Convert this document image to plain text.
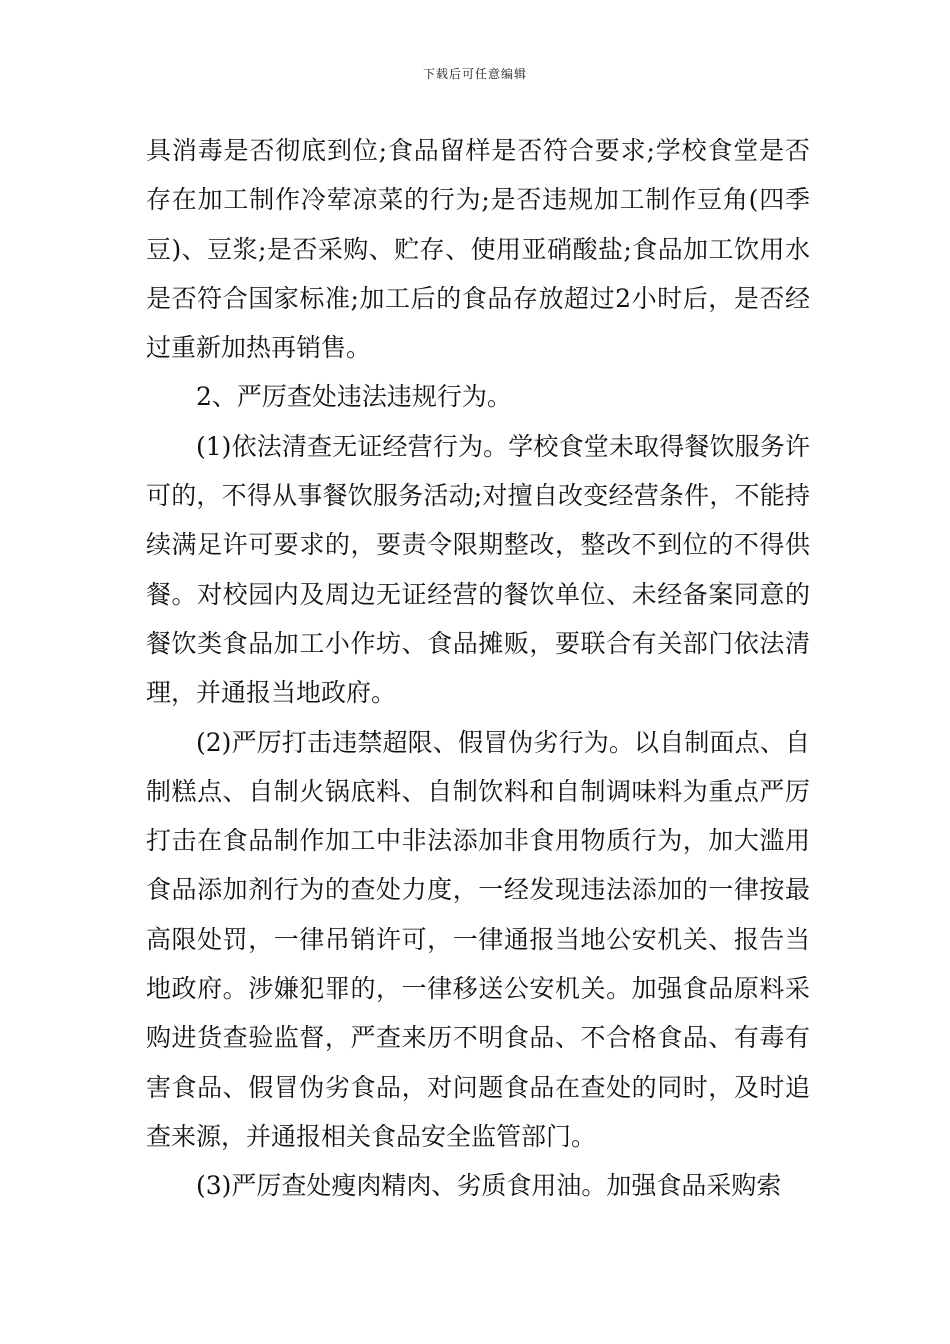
下载后可任意编辑

具消毒是否彻底到位;食品留样是否符合要求;学校食堂是否存在加工制作冷荤凉菜的行为;是否违规加工制作豆角(四季豆)、豆浆;是否采购、贮存、使用亚硝酸盐;食品加工饮用水是否符合国家标准;加工后的食品存放超过2小时后，是否经过重新加热再销售。

2、严厉查处违法违规行为。

(1)依法清查无证经营行为。学校食堂未取得餐饮服务许可的，不得从事餐饮服务活动;对擅自改变经营条件，不能持续满足许可要求的，要责令限期整改，整改不到位的不得供餐。对校园内及周边无证经营的餐饮单位、未经备案同意的餐饮类食品加工小作坊、食品摊贩，要联合有关部门依法清理，并通报当地政府。

(2)严厉打击违禁超限、假冒伪劣行为。以自制面点、自制糕点、自制火锅底料、自制饮料和自制调味料为重点严厉打击在食品制作加工中非法添加非食用物质行为，加大滥用食品添加剂行为的查处力度，一经发现违法添加的一律按最高限处罚，一律吊销许可，一律通报当地公安机关、报告当地政府。涉嫌犯罪的，一律移送公安机关。加强食品原料采购进货查验监督，严查来历不明食品、不合格食品、有毒有害食品、假冒伪劣食品，对问题食品在查处的同时，及时追查来源，并通报相关食品安全监管部门。

(3)严厉查处瘦肉精肉、劣质食用油。加强食品采购索
